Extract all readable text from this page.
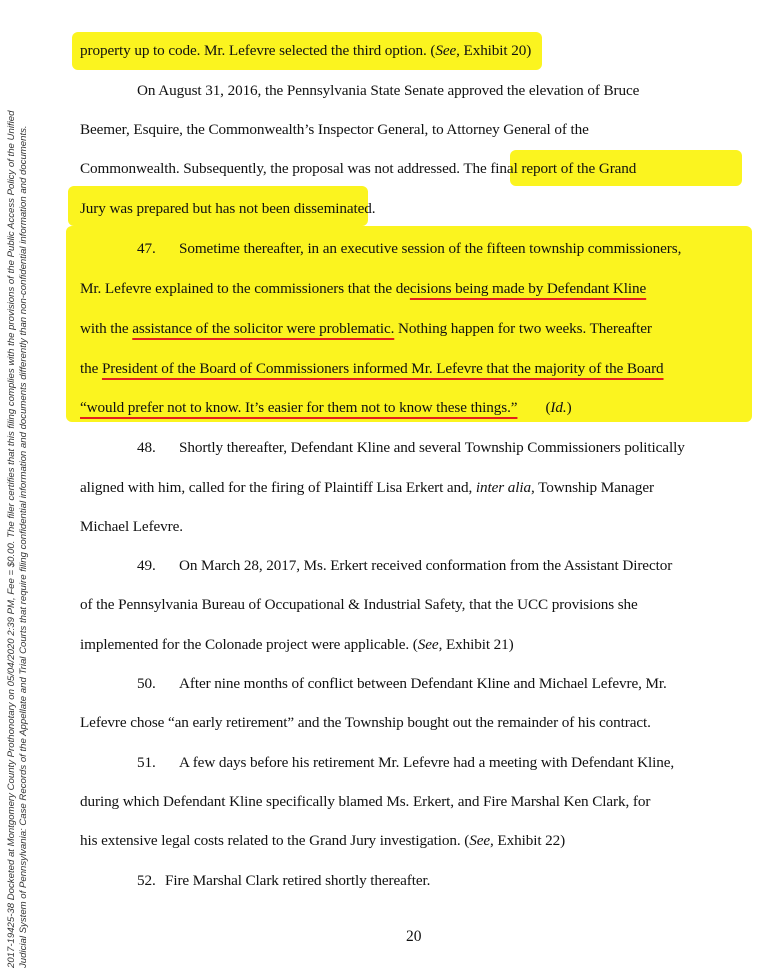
2017-19425-38 Docketed at Montgomery County Prothonotary on 05/04/2020 2:39 PM, Fee = $0.00. The filer certifies that this filing complies with the provisions of the Public Access Policy of the Unified Judicial System of Pennsylvania: Case Records of the Appellate and Trial Courts that require filing confidential information and documents differently than non-confidential information and documents.
property up to code. Mr. Lefevre selected the third option. (See, Exhibit 20)
On August 31, 2016, the Pennsylvania State Senate approved the elevation of Bruce
Beemer, Esquire, the Commonwealth’s Inspector General, to Attorney General of the
Commonwealth. Subsequently, the proposal was not addressed. The final report of the Grand
Jury was prepared but has not been disseminated.
47. Sometime thereafter, in an executive session of the fifteen township commissioners,
Mr. Lefevre explained to the commissioners that the decisions being made by Defendant Kline
with the assistance of the solicitor were problematic. Nothing happen for two weeks. Thereafter
the President of the Board of Commissioners informed Mr. Lefevre that the majority of the Board
“would prefer not to know. It’s easier for them not to know these things.” (Id.)
48. Shortly thereafter, Defendant Kline and several Township Commissioners politically
aligned with him, called for the firing of Plaintiff Lisa Erkert and, inter alia, Township Manager
Michael Lefevre.
49. On March 28, 2017, Ms. Erkert received conformation from the Assistant Director
of the Pennsylvania Bureau of Occupational & Industrial Safety, that the UCC provisions she
implemented for the Colonade project were applicable. (See, Exhibit 21)
50. After nine months of conflict between Defendant Kline and Michael Lefevre, Mr.
Lefevre chose “an early retirement” and the Township bought out the remainder of his contract.
51. A few days before his retirement Mr. Lefevre had a meeting with Defendant Kline,
during which Defendant Kline specifically blamed Ms. Erkert, and Fire Marshal Ken Clark, for
his extensive legal costs related to the Grand Jury investigation. (See, Exhibit 22)
52. Fire Marshal Clark retired shortly thereafter.
20
